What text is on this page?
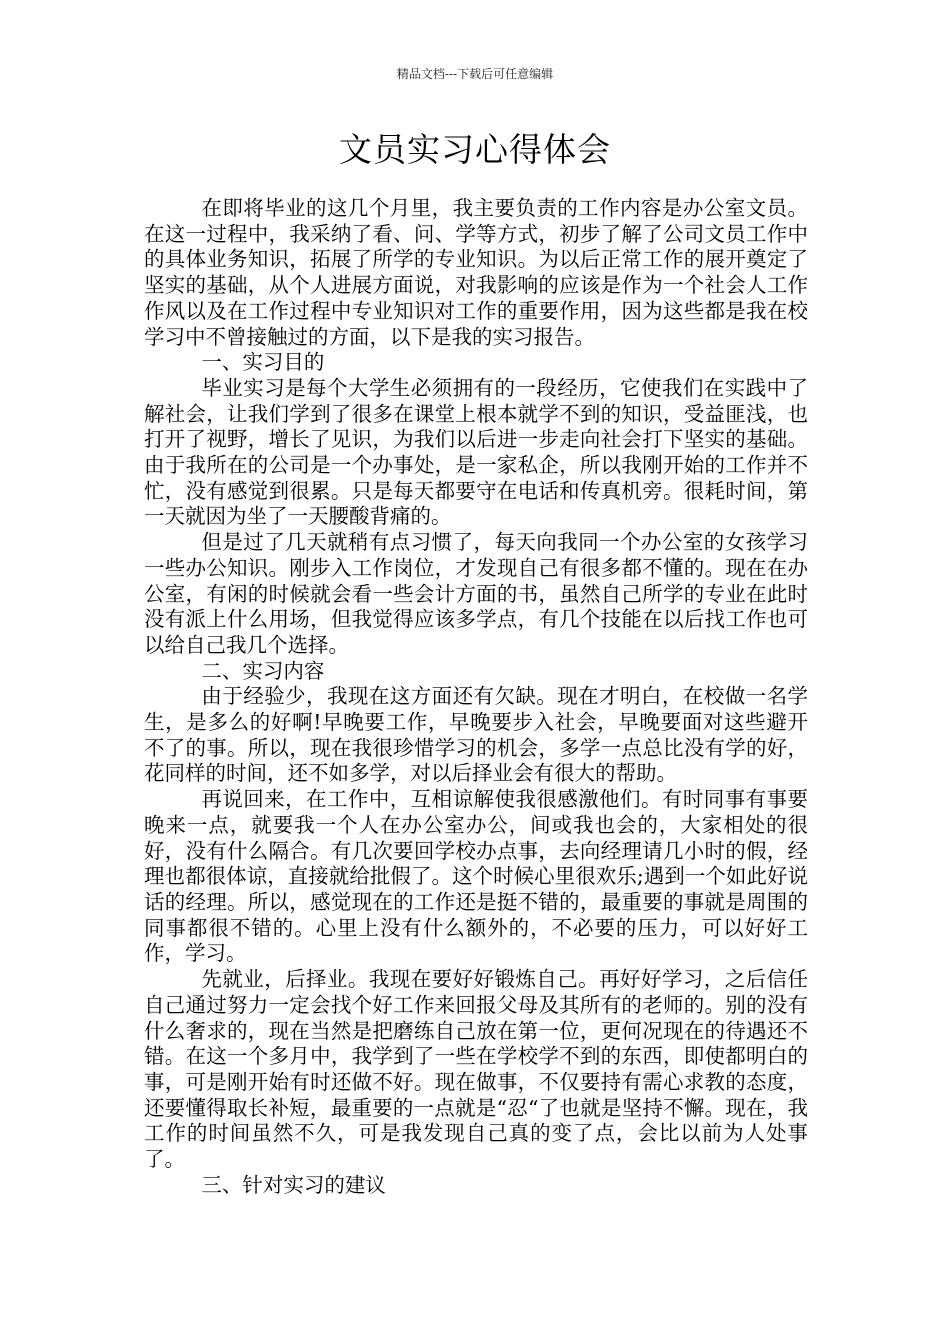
精品文档---下载后可任意编辑
文员实习心得体会

在即将毕业的这几个月里，我主要负责的工作内容是办公室文员。在这一过程中，我采纳了看、问、学等方式，初步了解了公司文员工作中的具体业务知识，拓展了所学的专业知识。为以后正常工作的展开奠定了坚实的基础，从个人进展方面说，对我影响的应该是作为一个社会人工作作风以及在工作过程中专业知识对工作的重要作用，因为这些都是我在校学习中不曾接触过的方面，以下是我的实习报告。

一、实习目的

毕业实习是每个大学生必须拥有的一段经历，它使我们在实践中了解社会，让我们学到了很多在课堂上根本就学不到的知识，受益匪浅，也打开了视野，增长了见识，为我们以后进一步走向社会打下坚实的基础。由于我所在的公司是一个办事处，是一家私企，所以我刚开始的工作并不忙，没有感觉到很累。只是每天都要守在电话和传真机旁。很耗时间，第一天就因为坐了一天腰酸背痛的。

但是过了几天就稍有点习惯了，每天向我同一个办公室的女孩学习一些办公知识。刚步入工作岗位，才发现自己有很多都不懂的。现在在办公室，有闲的时候就会看一些会计方面的书，虽然自己所学的专业在此时没有派上什么用场，但我觉得应该多学点，有几个技能在以后找工作也可以给自己我几个选择。

二、实习内容

由于经验少，我现在这方面还有欠缺。现在才明白，在校做一名学生，是多么的好啊!早晚要工作，早晚要步入社会，早晚要面对这些避开不了的事。所以，现在我很珍惜学习的机会，多学一点总比没有学的好，花同样的时间，还不如多学，对以后择业会有很大的帮助。

再说回来，在工作中，互相谅解使我很感激他们。有时同事有事要晚来一点，就要我一个人在办公室办公，间或我也会的，大家相处的很好，没有什么隔合。有几次要回学校办点事，去向经理请几小时的假，经理也都很体谅，直接就给批假了。这个时候心里很欢乐;遇到一个如此好说话的经理。所以，感觉现在的工作还是挺不错的，最重要的事就是周围的同事都很不错的。心里上没有什么额外的，不必要的压力，可以好好工作，学习。

先就业，后择业。我现在要好好锻炼自己。再好好学习，之后信任自己通过努力一定会找个好工作来回报父母及其所有的老师的。别的没有什么奢求的，现在当然是把磨练自己放在第一位，更何况现在的待遇还不错。在这一个多月中，我学到了一些在学校学不到的东西，即使都明白的事，可是刚开始有时还做不好。现在做事，不仅要持有需心求教的态度，还要懂得取长补短，最重要的一点就是“忍“了也就是坚持不懈。现在，我工作的时间虽然不久，可是我发现自己真的变了点，会比以前为人处事了。

三、针对实习的建议
